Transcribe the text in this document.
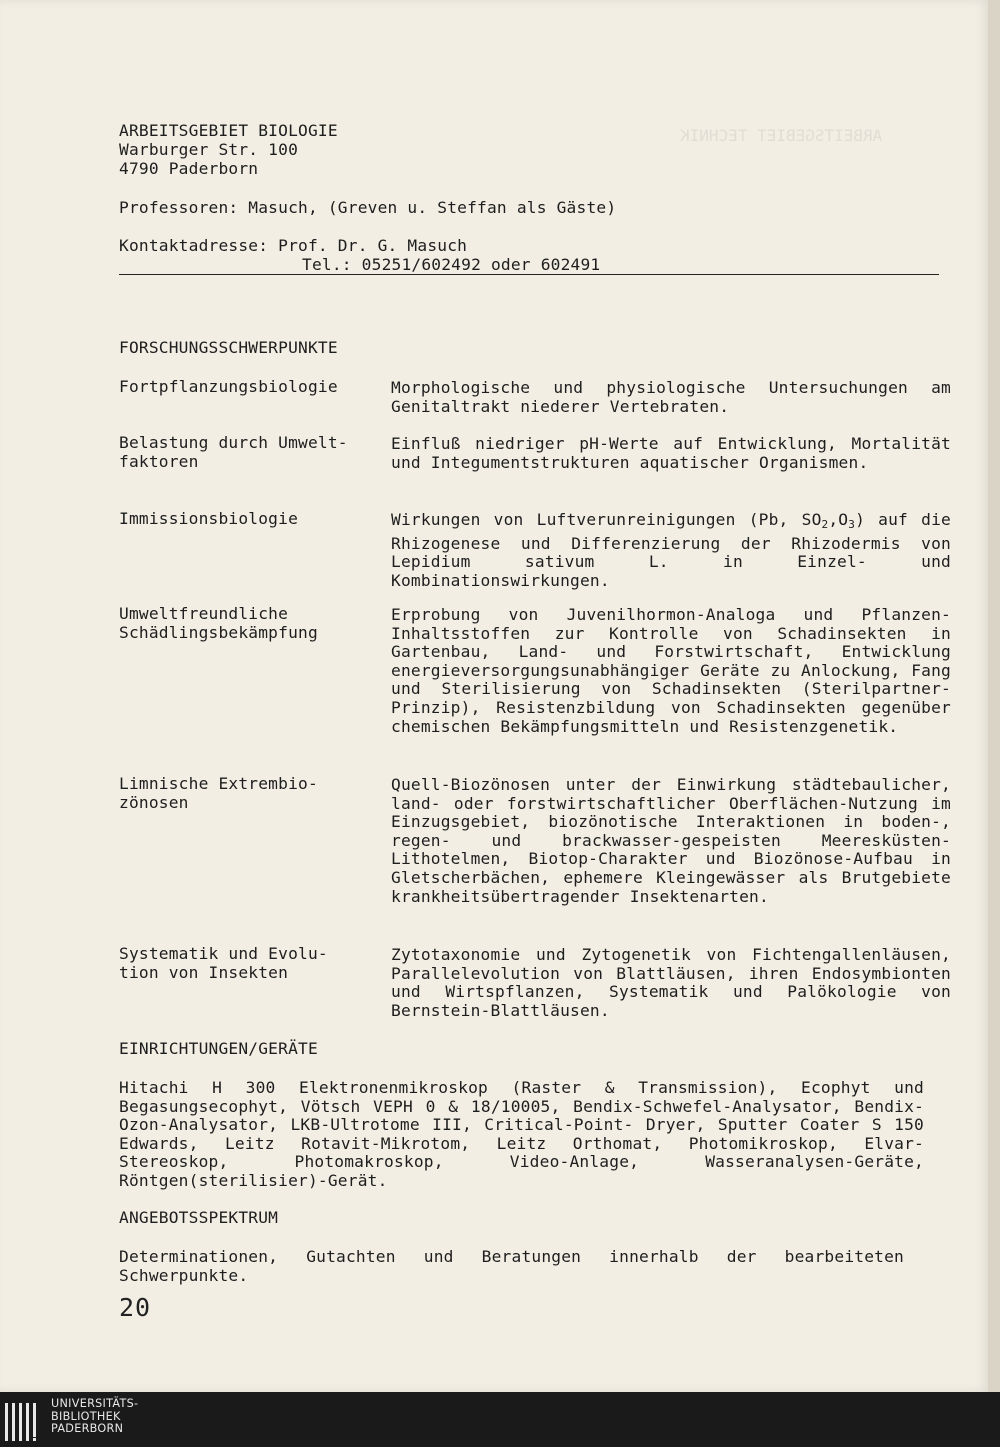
ARBEITSGEBIET TECHNIK
ARBEITSGEBIET BIOLOGIE
Warburger Str. 100
4790 Paderborn
Professoren: Masuch, (Greven u. Steffan als Gäste)
Kontaktadresse: Prof. Dr. G. Masuch
Tel.: 05251/602492 oder 602491
FORSCHUNGSSCHWERPUNKTE
Fortpflanzungsbiologie	Morphologische und physiologische Untersuchungen am Genitaltrakt niederer Vertebraten.
Belastung durch Umwelt-
faktoren
Einfluß niedriger pH-Werte auf Entwicklung, Mortalität und Integumentstrukturen aquatischer Organismen.
Immissionsbiologie	Wirkungen von Luftverunreinigungen (Pb, $SO_2,O_3$) auf die Rhizogenese und Differenzierung der Rhizodermis von Lepidium sativum L. in Einzel- und Kombinationswirkungen.
Umweltfreundliche
Schädlingsbekämpfung
Erprobung von Juvenilhormon-Analoga und Pflanzen-Inhaltsstoffen zur Kontrolle von Schadinsekten in Gartenbau, Land- und Forstwirtschaft, Entwicklung energieversorgungsunabhängiger Geräte zu Anlockung, Fang und Sterilisierung von Schadinsekten (Sterilpartner-Prinzip), Resistenzbildung von Schadinsekten gegenüber chemischen Bekämpfungsmitteln und Resistenzgenetik.
Limnische Extrembio-
zönosen
Quell-Biozönosen unter der Einwirkung städtebaulicher, land- oder forstwirtschaftlicher Oberflächen-Nutzung im Einzugsgebiet, biozönotische Interaktionen in boden-, regen- und brackwasser-gespeisten Meeresküsten-Lithotelmen, Biotop-Charakter und Biozönose-Aufbau in Gletscherbächen, ephemere Kleingewässer als Brutgebiete krankheitsübertragender Insektenarten.
Systematik und Evolu-
tion von Insekten
Zytotaxonomie und Zytogenetik von Fichtengallenläusen, Parallelevolution von Blattläusen, ihren Endosymbionten und Wirtspflanzen, Systematik und Palökologie von Bernstein-Blattläusen.
EINRICHTUNGEN/GERÄTE
Hitachi H 300 Elektronenmikroskop (Raster & Transmission), Ecophyt und Begasungsecophyt, Vötsch VEPH 0 & 18/10005, Bendix-Schwefel-Analysator, Bendix-Ozon-Analysator, LKB-Ultrotome III, Critical-Point- Dryer, Sputter Coater S 150 Edwards, Leitz Rotavit-Mikrotom, Leitz Orthomat, Photomikroskop, Elvar-Stereoskop, Photomakroskop, Video-Anlage, Wasseranalysen-Geräte, Röntgen(sterilisier)-Gerät.
ANGEBOTSSPEKTRUM
Determinationen, Gutachten und Beratungen innerhalb der bearbeiteten Schwerpunkte.
20
UNIVERSITÄTS-
BIBLIOTHEK
PADERBORN
